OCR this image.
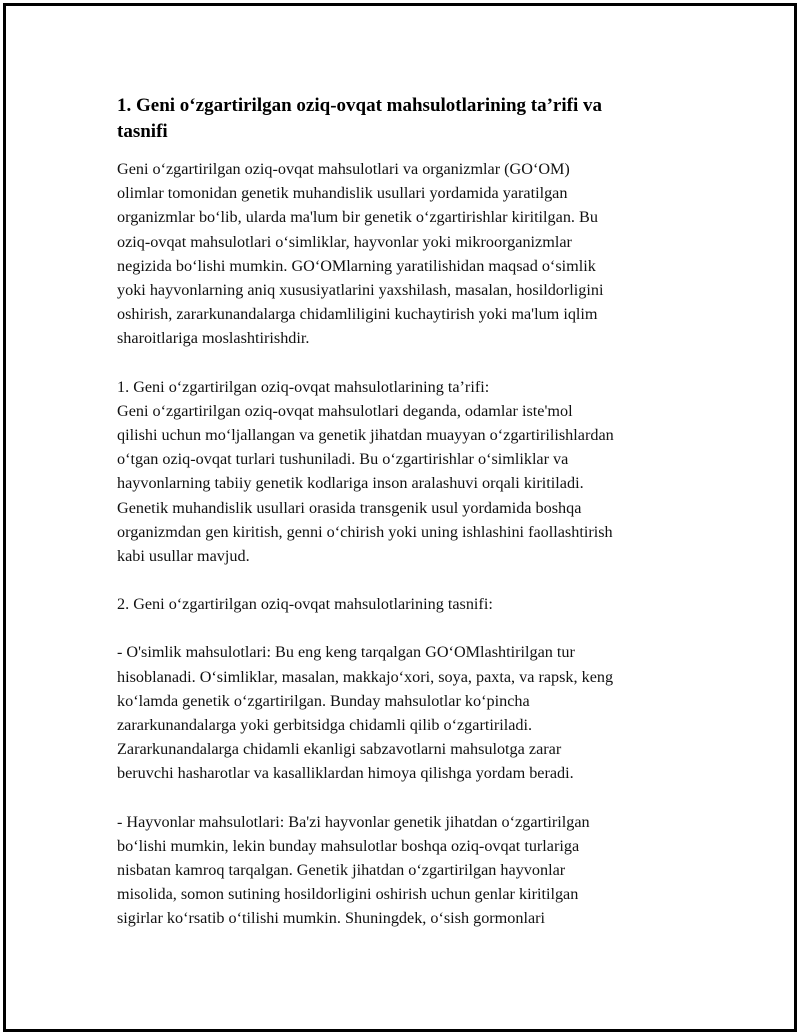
1. Geni o‘zgartirilgan oziq-ovqat mahsulotlarining ta’rifi va
tasnifi

Geni o‘zgartirilgan oziq-ovqat mahsulotlari va organizmlar (GO‘OM)
olimlar tomonidan genetik muhandislik usullari yordamida yaratilgan
organizmlar bo‘lib, ularda ma'lum bir genetik o‘zgartirishlar kiritilgan. Bu
oziq-ovqat mahsulotlari o‘simliklar, hayvonlar yoki mikroorganizmlar
negizida bo‘lishi mumkin. GO‘OMlarning yaratilishidan maqsad o‘simlik
yoki hayvonlarning aniq xususiyatlarini yaxshilash, masalan, hosildorligini
oshirish, zararkunandalarga chidamliligini kuchaytirish yoki ma'lum iqlim
sharoitlariga moslashtirishdir.

1. Geni o‘zgartirilgan oziq-ovqat mahsulotlarining ta’rifi:
Geni o‘zgartirilgan oziq-ovqat mahsulotlari deganda, odamlar iste'mol
qilishi uchun mo‘ljallangan va genetik jihatdan muayyan o‘zgartirilishlardan
o‘tgan oziq-ovqat turlari tushuniladi. Bu o‘zgartirishlar o‘simliklar va
hayvonlarning tabiiy genetik kodlariga inson aralashuvi orqali kiritiladi.
Genetik muhandislik usullari orasida transgenik usul yordamida boshqa
organizmdan gen kiritish, genni o‘chirish yoki uning ishlashini faollashtirish
kabi usullar mavjud.

2. Geni o‘zgartirilgan oziq-ovqat mahsulotlarining tasnifi:

- O'simlik mahsulotlari: Bu eng keng tarqalgan GO‘OMlashtirilgan tur
hisoblanadi. O‘simliklar, masalan, makkajo‘xori, soya, paxta, va rapsk, keng
ko‘lamda genetik o‘zgartirilgan. Bunday mahsulotlar ko‘pincha
zararkunandalarga yoki gerbitsidga chidamli qilib o‘zgartiriladi.
Zararkunandalarga chidamli ekanligi sabzavotlarni mahsulotga zarar
beruvchi hasharotlar va kasalliklardan himoya qilishga yordam beradi.

- Hayvonlar mahsulotlari: Ba'zi hayvonlar genetik jihatdan o‘zgartirilgan
bo‘lishi mumkin, lekin bunday mahsulotlar boshqa oziq-ovqat turlariga
nisbatan kamroq tarqalgan. Genetik jihatdan o‘zgartirilgan hayvonlar
misolida, somon sutining hosildorligini oshirish uchun genlar kiritilgan
sigirlar ko‘rsatib o‘tilishi mumkin. Shuningdek, o‘sish gormonlari
